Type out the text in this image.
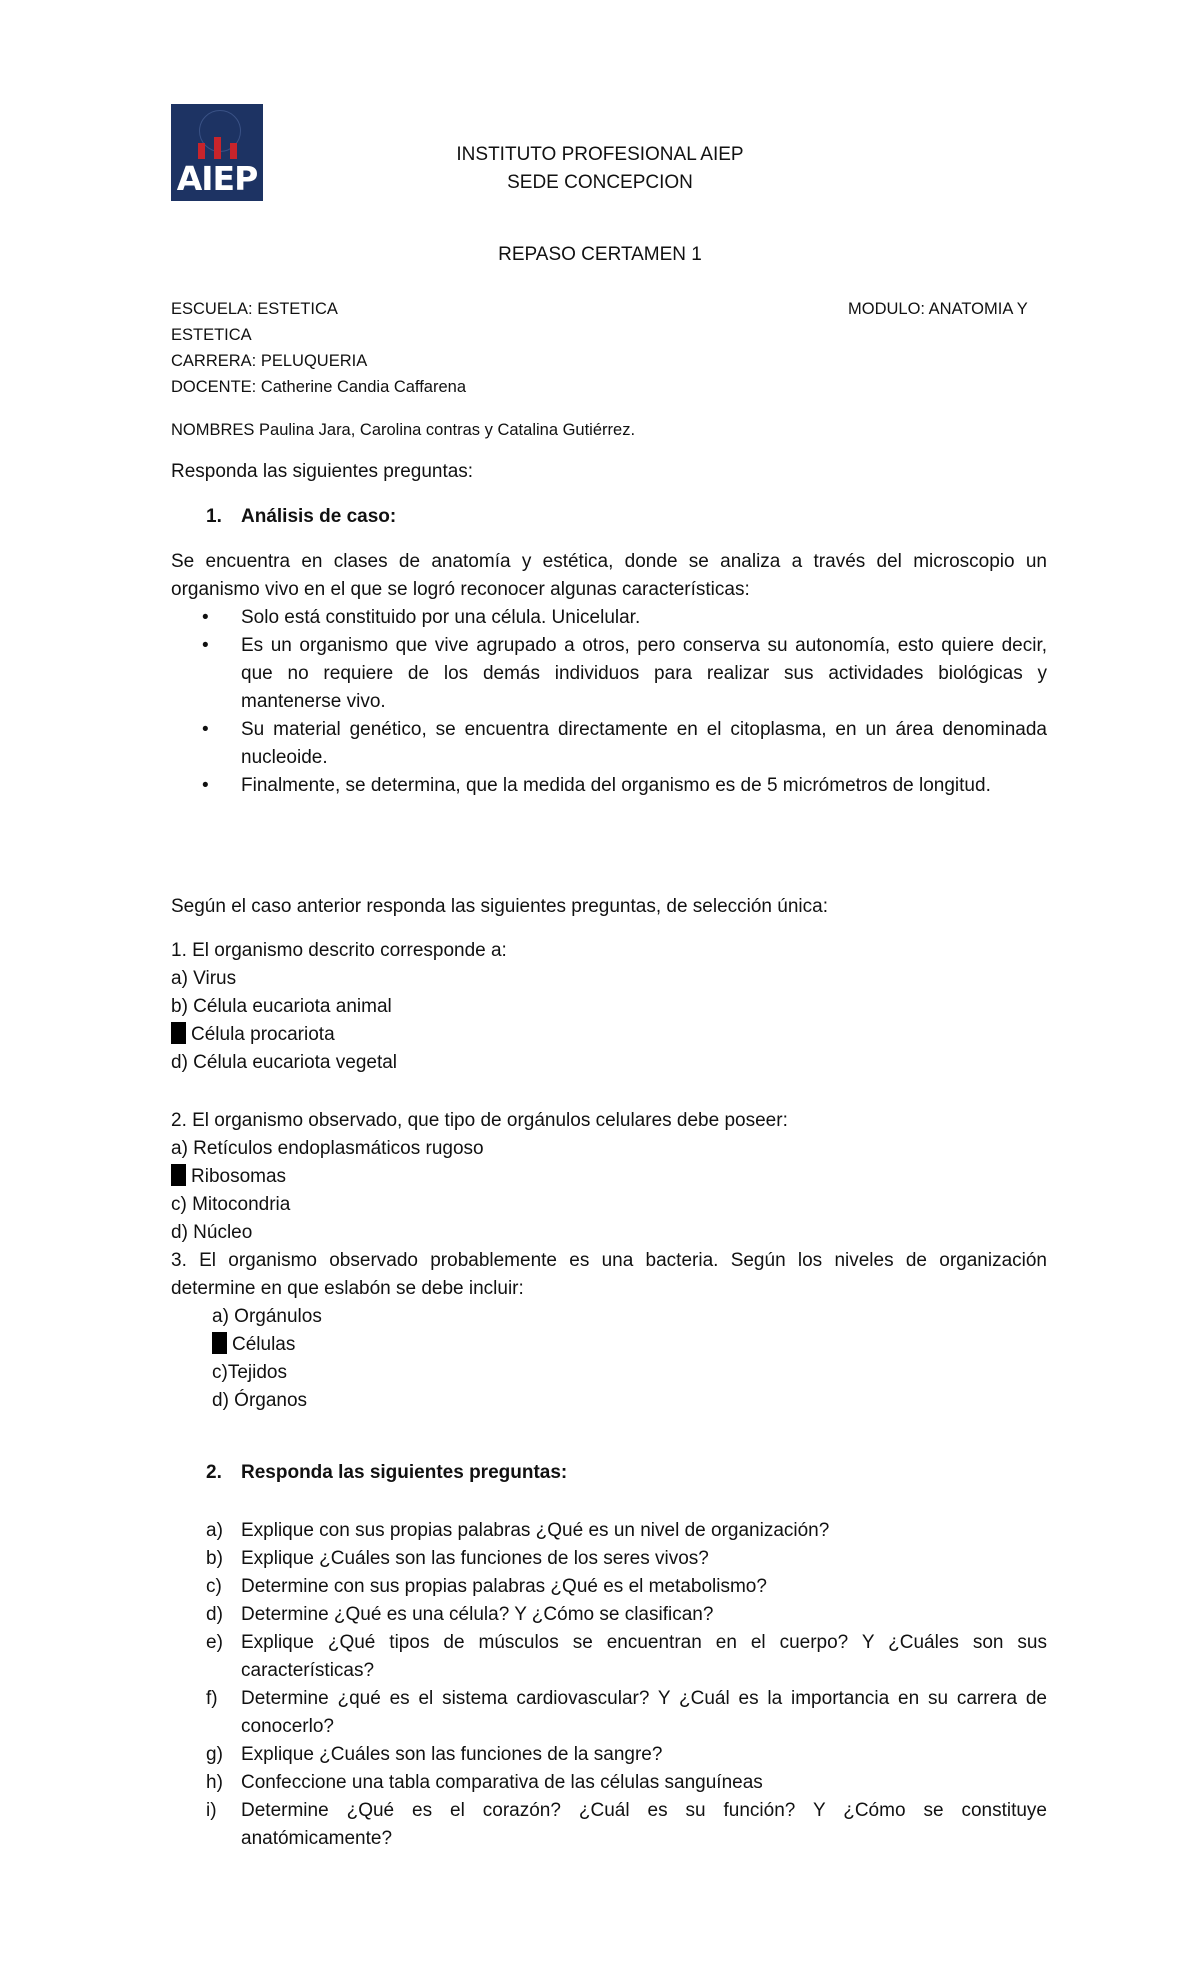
AIEP
INSTITUTO PROFESIONAL AIEP
SEDE CONCEPCION
REPASO CERTAMEN 1
ESCUELA: ESTETICA	MODULO: ANATOMIA Y
ESTETICA
CARRERA: PELUQUERIA
DOCENTE: Catherine Candia Caffarena
NOMBRES Paulina Jara, Carolina contras y Catalina Gutiérrez.
Responda las siguientes preguntas:
1. Análisis de caso:
Se encuentra en clases de anatomía y estética, donde se analiza a través del microscopio un
organismo vivo en el que se logró reconocer algunas características:
• Solo está constituido por una célula. Unicelular.
• Es un organismo que vive agrupado a otros, pero conserva su autonomía, esto quiere decir,
que no requiere de los demás individuos para realizar sus actividades biológicas y
mantenerse vivo.
• Su material genético, se encuentra directamente en el citoplasma, en un área denominada
nucleoide.
• Finalmente, se determina, que la medida del organismo es de 5 micrómetros de longitud.
Según el caso anterior responda las siguientes preguntas, de selección única:
1. El organismo descrito corresponde a:
a) Virus
b) Célula eucariota animal
Célula procariota
d) Célula eucariota vegetal
2. El organismo observado, que tipo de orgánulos celulares debe poseer:
a) Retículos endoplasmáticos rugoso
Ribosomas
c) Mitocondria
d) Núcleo
3. El organismo observado probablemente es una bacteria. Según los niveles de organización
determine en que eslabón se debe incluir:
a) Orgánulos
Células
c)Tejidos
d) Órganos
2. Responda las siguientes preguntas:
a) Explique con sus propias palabras ¿Qué es un nivel de organización?
b) Explique ¿Cuáles son las funciones de los seres vivos?
c) Determine con sus propias palabras ¿Qué es el metabolismo?
d) Determine ¿Qué es una célula? Y ¿Cómo se clasifican?
e) Explique ¿Qué tipos de músculos se encuentran en el cuerpo? Y ¿Cuáles son sus
características?
f) Determine ¿qué es el sistema cardiovascular? Y ¿Cuál es la importancia en su carrera de
conocerlo?
g) Explique ¿Cuáles son las funciones de la sangre?
h) Confeccione una tabla comparativa de las células sanguíneas
i) Determine ¿Qué es el corazón? ¿Cuál es su función? Y ¿Cómo se constituye
anatómicamente?
